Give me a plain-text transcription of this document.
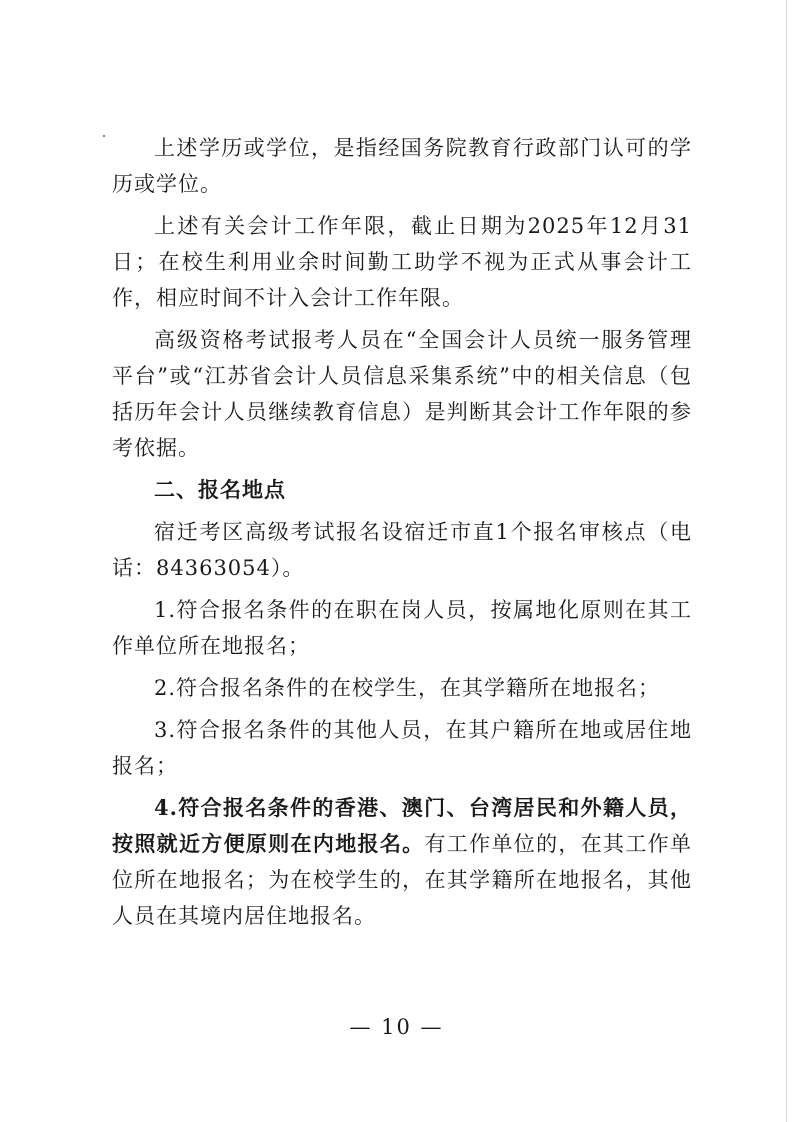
上述学历或学位，是指经国务院教育行政部门认可的学历或学位。

上述有关会计工作年限，截止日期为2025年12月31日；在校生利用业余时间勤工助学不视为正式从事会计工作，相应时间不计入会计工作年限。

高级资格考试报考人员在“全国会计人员统一服务管理平台”或“江苏省会计人员信息采集系统”中的相关信息（包括历年会计人员继续教育信息）是判断其会计工作年限的参考依据。

二、报名地点

宿迁考区高级考试报名设宿迁市直1个报名审核点（电话：84363054）。

1.符合报名条件的在职在岗人员，按属地化原则在其工作单位所在地报名；

2.符合报名条件的在校学生，在其学籍所在地报名；

3.符合报名条件的其他人员，在其户籍所在地或居住地报名；

4.符合报名条件的香港、澳门、台湾居民和外籍人员，按照就近方便原则在内地报名。有工作单位的，在其工作单位所在地报名；为在校学生的，在其学籍所在地报名，其他人员在其境内居住地报名。

— 10 —
